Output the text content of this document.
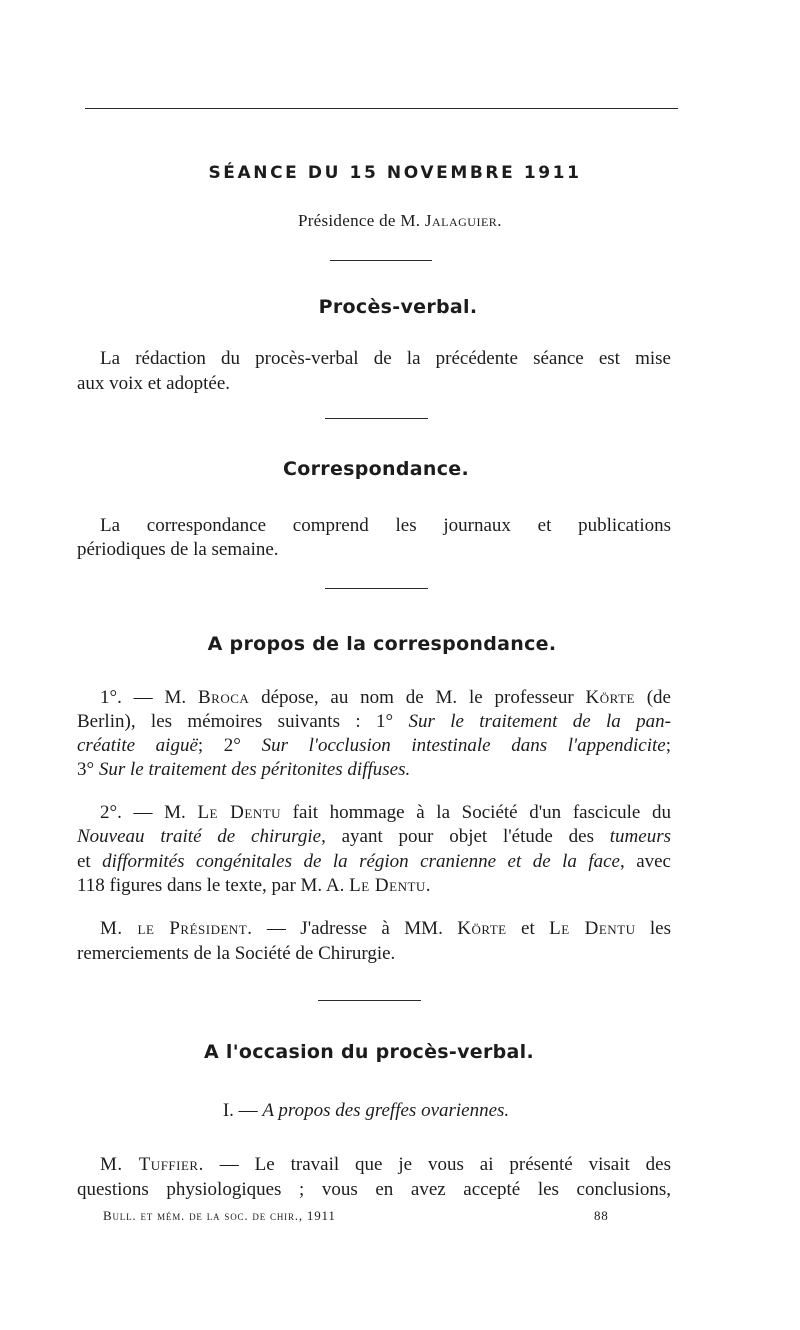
SÉANCE DU 15 NOVEMBRE 1911
Présidence de M. Jalaguier.
Procès-verbal.
La rédaction du procès-verbal de la précédente séance est mise
aux voix et adoptée.
Correspondance.
La correspondance comprend les journaux et publications
périodiques de la semaine.
A propos de la correspondance.
1°. — M. Broca dépose, au nom de M. le professeur Körte (de
Berlin), les mémoires suivants : 1° Sur le traitement de la pan-
créatite aiguë; 2° Sur l'occlusion intestinale dans l'appendicite;
3° Sur le traitement des péritonites diffuses.
2°. — M. Le Dentu fait hommage à la Société d'un fascicule du
Nouveau traité de chirurgie, ayant pour objet l'étude des tumeurs
et difformités congénitales de la région cranienne et de la face, avec
118 figures dans le texte, par M. A. Le Dentu.
M. le Président. — J'adresse à MM. Körte et Le Dentu les
remerciements de la Société de Chirurgie.
A l'occasion du procès-verbal.
I. — A propos des greffes ovariennes.
M. Tuffier. — Le travail que je vous ai présenté visait des
questions physiologiques ; vous en avez accepté les conclusions,
Bull. et mém. de la soc. de chir., 1911	88
